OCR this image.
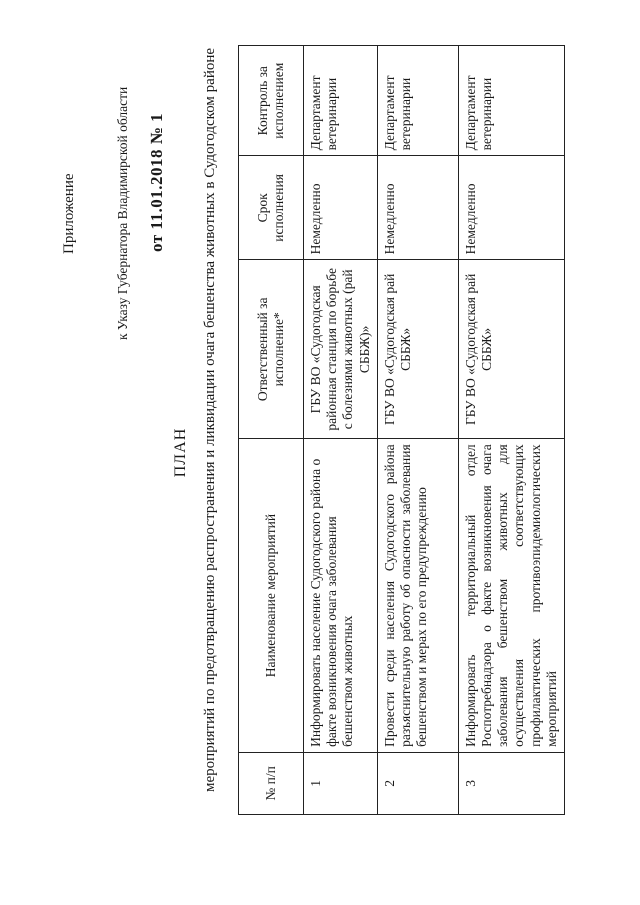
Приложение	к Указу Губернатора Владимирской области от 11.01.2018 № 1
ПЛАН мероприятий по предотвращению распространения и ликвидации очага бешенства животных в Судогодском районе	№ п/п	Наименование мероприятий	Ответственный за исполнение*	Срок исполнения	Контроль за исполнением
1	Информировать население Судогодского района о факте возникновения очага заболевания бешенством животных	ГБУ ВО «Судогодская районная станция по борьбе с болезнями животных (рай СББЖ)»	Немедленно	Департамент ветеринарии
2	Провести среди населения Судогодского района разъяснительную работу об опасности заболевания бешенством и мерах по его предупреждению	ГБУ ВО «Судогодская рай СББЖ»	Немедленно	Департамент ветеринарии
3	Информировать территориальный отдел Роспотребнадзора о факте возникновения очага заболевания бешенством животных для осуществления соответствующих профилактических противоэпидемиологических мероприятий	ГБУ ВО «Судогодская рай СББЖ»	Немедленно	Департамент ветеринарии
